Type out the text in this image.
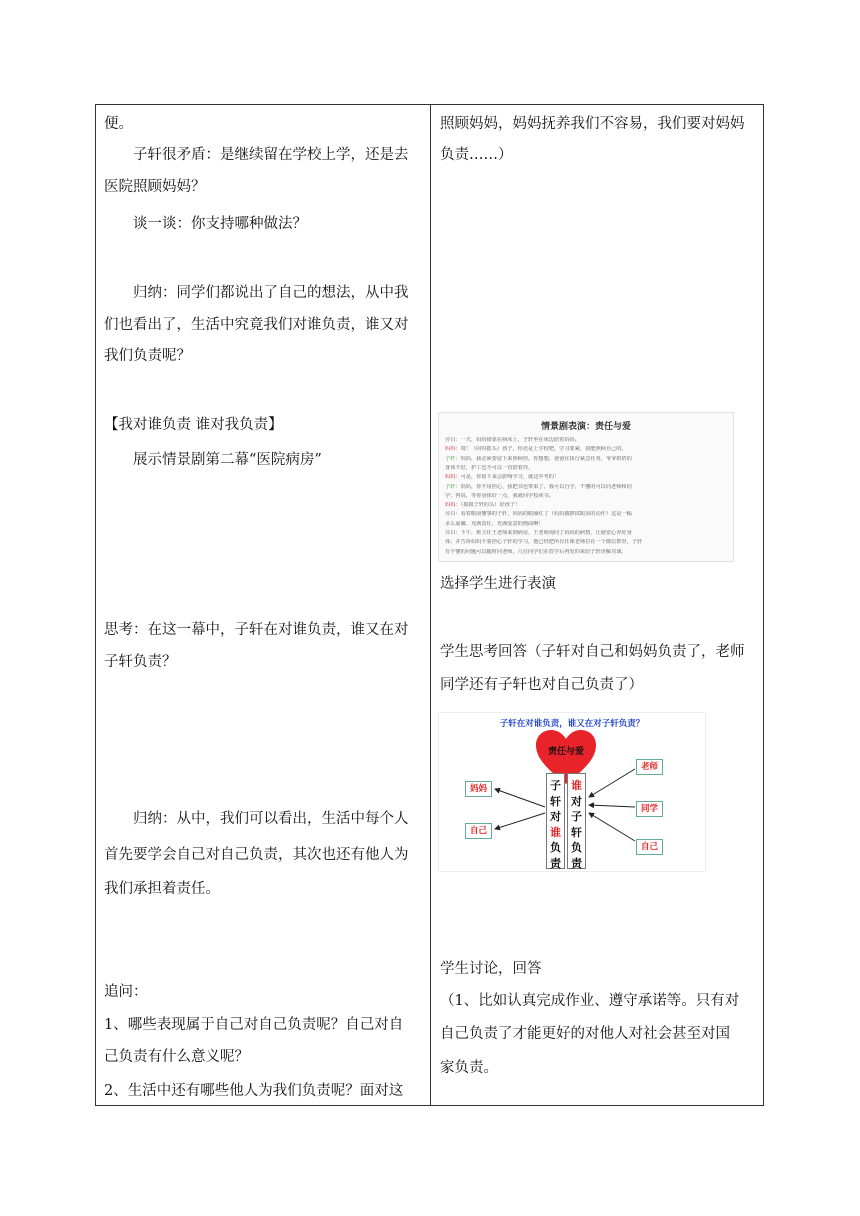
便。
子轩很矛盾：是继续留在学校上学，还是去
医院照顾妈妈？
谈一谈：你支持哪种做法？
归纳：同学们都说出了自己的想法，从中我
们也看出了，生活中究竟我们对谁负责，谁又对
我们负责呢？
【我对谁负责 谁对我负责】
展示情景剧第二幕“医院病房”
思考：在这一幕中，子轩在对谁负责，谁又在对
子轩负责？
归纳：从中，我们可以看出，生活中每个人
首先要学会自己对自己负责，其次也还有他人为
我们承担着责任。
追问：
1、哪些表现属于自己对自己负责呢？自己对自
己负责有什么意义呢？
2、生活中还有哪些他人为我们负责呢？面对这
照顾妈妈，妈妈抚养我们不容易，我们要对妈妈
负责……）
情景剧表演：责任与爱
旁白：一天，妈妈倚靠在病床上，子轩坐在床边陪着妈妈。
妈妈：哎！（同时摇头）孩子，你还是上学校吧，学习要紧，我能照顾自己的。
子轩：妈妈，我必须要留下来照顾你。你想想，爸爸在执行紧急任务，爷爷奶奶的
身体不好，护工也不可以一直陪着你。
妈妈：可是，你留下来会影响学习，就这中考的！
子轩：妈妈，你不用担心，我把书包带来了，我可以自学，不懂的可以问老师和同
学；再说，等你身体好一点，我就回学校读书。
妈妈：（摸摸子轩的头）好孩子！
旁白：看着眼前懂事的子轩，妈妈的眼圈红了（妈妈做擦拭眼泪的动作）这是一幅
多么温馨、充满责任、充满爱意的画面啊！
旁白：下午，班主任王老师来到病房，王老师询问了妈妈的病情，让她安心养好身
体；并告诉妈妈不要担心子轩的学习，他已经把所有任课老师拉在一个微信群里，子轩
有不懂的问题可以随时问老师。几位同学们在放学后再发的来给子轩讲解功课。
选择学生进行表演
学生思考回答（子轩对自己和妈妈负责了，老师
同学还有子轩也对自己负责了）
子轩在对谁负责，谁又在对子轩负责？
责任与爱
子
轩
对
谁
负
责
谁
对
子
轩
负
责
妈妈
自己
老师
同学
自己
学生讨论，回答
（1、比如认真完成作业、遵守承诺等。只有对
自己负责了才能更好的对他人对社会甚至对国
家负责。
